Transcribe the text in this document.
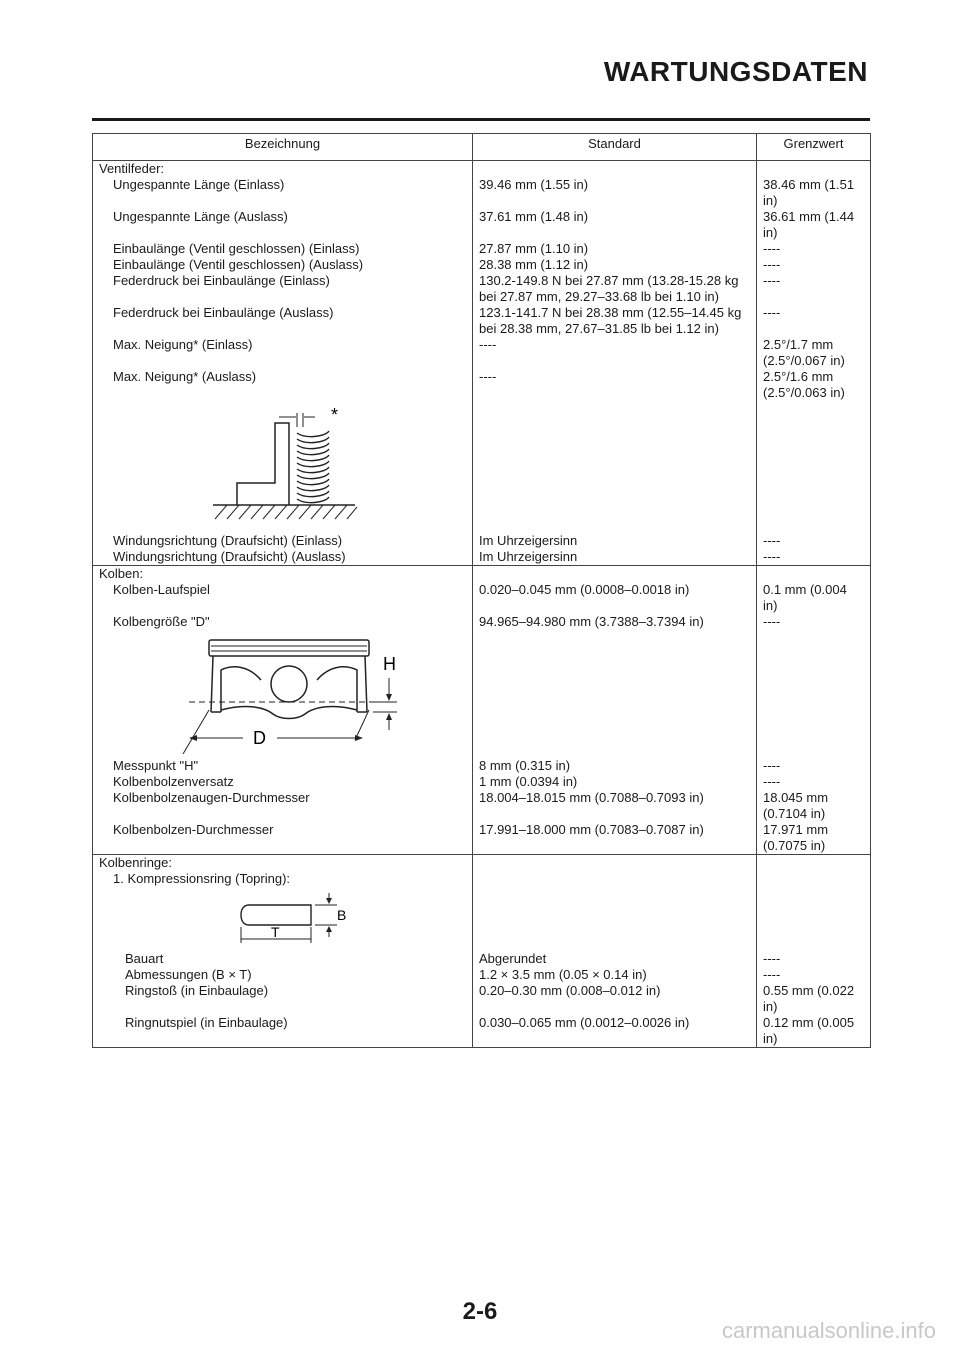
WARTUNGSDATEN
Bezeichnung	Standard	Grenzwert
Ventilfeder:		
Ungespannte Länge (Einlass)	39.46 mm (1.55 in)	38.46 mm (1.51 in)
Ungespannte Länge (Auslass)	37.61 mm (1.48 in)	36.61 mm (1.44 in)
Einbaulänge (Ventil geschlossen) (Einlass)	27.87 mm (1.10 in)	----
Einbaulänge (Ventil geschlossen) (Auslass)	28.38 mm (1.12 in)	----
Federdruck bei Einbaulänge (Einlass)	130.2-149.8 N bei 27.87 mm (13.28-15.28 kg bei 27.87 mm, 29.27–33.68 lb bei 1.10 in)	----
Federdruck bei Einbaulänge (Auslass)	123.1-141.7 N bei 28.38 mm (12.55–14.45 kg bei 28.38 mm, 27.67–31.85 lb bei 1.12 in)	----
Max. Neigung* (Einlass)	----	2.5°/1.7 mm (2.5°/0.067 in)
Max. Neigung* (Auslass)	----	2.5°/1.6 mm (2.5°/0.063 in)

*		

Windungsrichtung (Draufsicht) (Einlass)	Im Uhrzeigersinn	----
Windungsrichtung (Draufsicht) (Auslass)	Im Uhrzeigersinn	----
Kolben:		
Kolben-Laufspiel	0.020–0.045 mm (0.0008–0.0018 in)	0.1 mm (0.004 in)
Kolbengröße "D"	94.965–94.980 mm (3.7388–3.7394 in)	----

D
H		

Messpunkt "H"	8 mm (0.315 in)	----
Kolbenbolzenversatz	1 mm (0.0394 in)	----
Kolbenbolzenaugen-Durchmesser	18.004–18.015 mm (0.7088–0.7093 in)	18.045 mm (0.7104 in)
Kolbenbolzen-Durchmesser	17.991–18.000 mm (0.7083–0.7087 in)	17.971 mm (0.7075 in)
Kolbenringe:		
1. Kompressionsring (Topring):		

B
T		

Bauart	Abgerundet	----
Abmessungen (B × T)	1.2 × 3.5 mm (0.05 × 0.14 in)	----
Ringstoß (in Einbaulage)	0.20–0.30 mm (0.008–0.012 in)	0.55 mm (0.022 in)
Ringnutspiel (in Einbaulage)	0.030–0.065 mm (0.0012–0.0026 in)	0.12 mm (0.005 in)
2-6
carmanualsonline.info
